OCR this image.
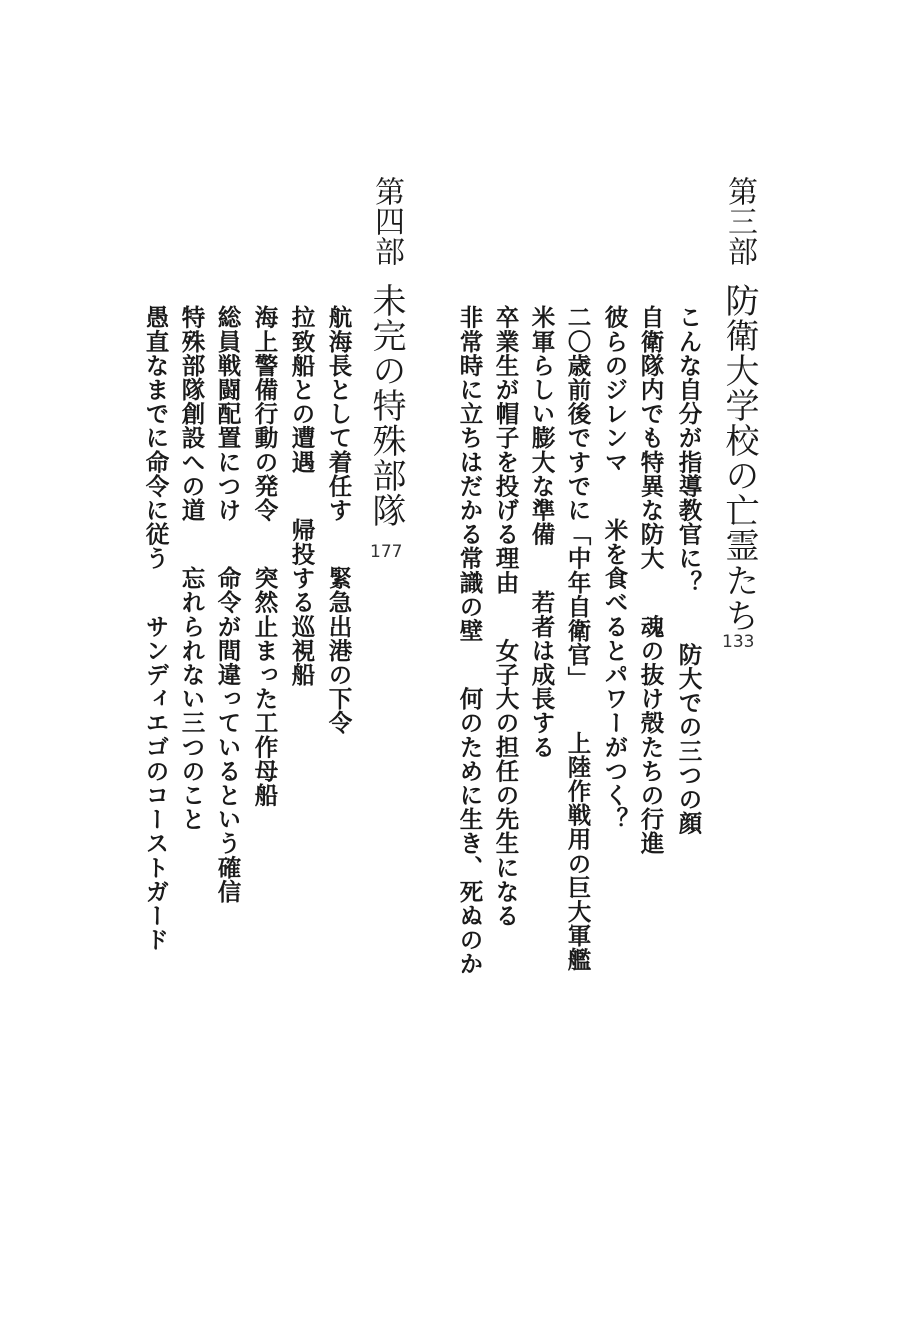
第三部
防衛大学校の亡霊たち
133
こんな自分が指導教官に？防大での三つの顔
自衛隊内でも特異な防大魂の抜け殻たちの行進
彼らのジレンマ米を食べるとパワーがつく？
二〇歳前後ですでに「中年自衛官」上陸作戦用の巨大軍艦
米軍らしい膨大な準備若者は成長する
卒業生が帽子を投げる理由女子大の担任の先生になる
非常時に立ちはだかる常識の壁何のために生き、死ぬのか
第四部
未完の特殊部隊
177
航海長として着任す緊急出港の下令
拉致船との遭遇帰投する巡視船
海上警備行動の発令突然止まった工作母船
総員戦闘配置につけ命令が間違っているという確信
特殊部隊創設への道忘れられない三つのこと
愚直なまでに命令に従うサンディエゴのコーストガード
